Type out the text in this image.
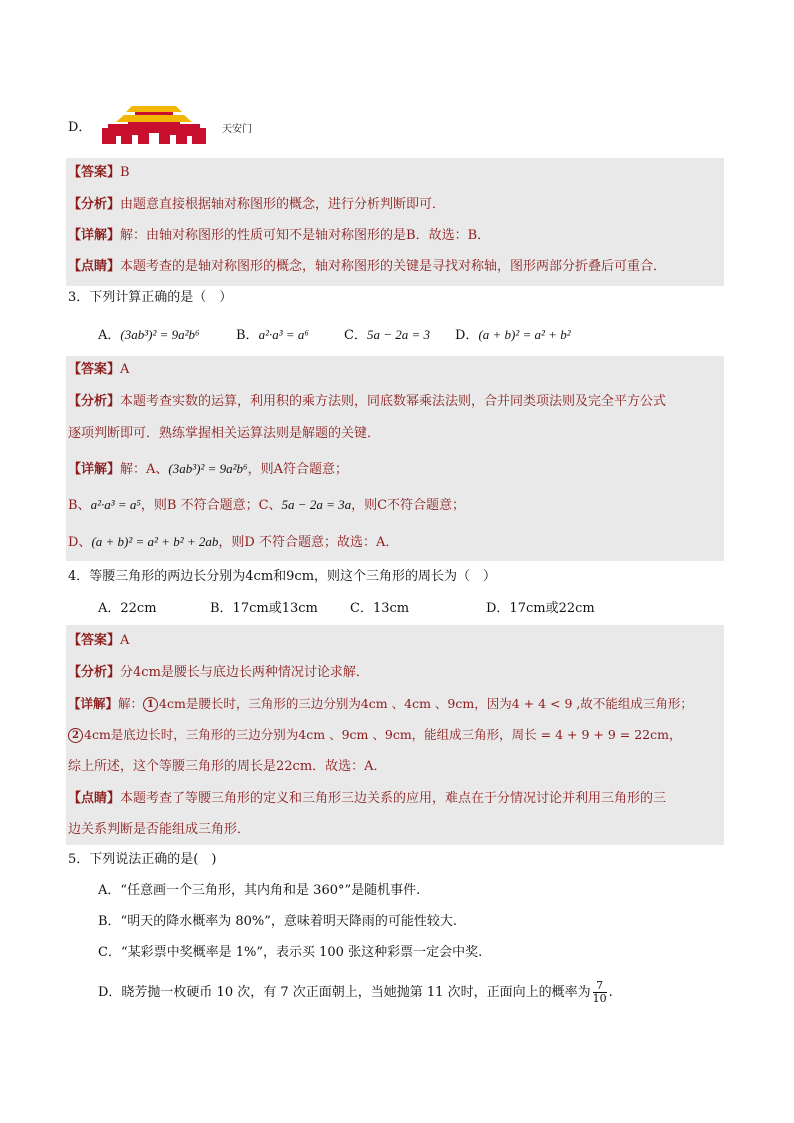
D．	天安门
【答案】B
【分析】由题意直接根据轴对称图形的概念，进行分析判断即可．
【详解】解：由轴对称图形的性质可知不是轴对称图形的是B．故选：B．
【点睛】本题考查的是轴对称图形的概念，轴对称图形的关键是寻找对称轴，图形两部分折叠后可重合．
3．下列计算正确的是（　）
A．(3ab³)² = 9a²b⁶	B．a²·a³ = a⁶	C．5a − 2a = 3 D．(a + b)² = a² + b²
【答案】A
【分析】本题考查实数的运算，利用积的乘方法则，同底数幂乘法法则，合并同类项法则及完全平方公式
逐项判断即可．熟练掌握相关运算法则是解题的关键．
【详解】解：A、(3ab³)² = 9a²b⁶，则A符合题意；
B、a²·a³ = a⁵，则B 不符合题意；C、5a − 2a = 3a，则C不符合题意；
D、(a + b)² = a² + b² + 2ab，则D 不符合题意；故选：A．
4．等腰三角形的两边长分别为4cm和9cm，则这个三角形的周长为（　）
A．22cm	B．17cm或13cm C．13cm	D．17cm或22cm
【答案】A
【分析】分4cm是腰长与底边长两种情况讨论求解．
【详解】解： 1 4cm是腰长时，三角形的三边分别为4cm 、4cm 、9cm，因为4 + 4 < 9 ,故不能组成三角形；
2 4cm是底边长时，三角形的三边分别为4cm 、9cm 、9cm，能组成三角形，周长 = 4 + 9 + 9 = 22cm，
综上所述，这个等腰三角形的周长是22cm．故选：A．
【点睛】本题考查了等腰三角形的定义和三角形三边关系的应用，难点在于分情况讨论并利用三角形的三
边关系判断是否能组成三角形．
5．下列说法正确的是(　)
A．“任意画一个三角形，其内角和是 360°”是随机事件.
B．“明天的降水概率为 80%”，意味着明天降雨的可能性较大.
C．“某彩票中奖概率是 1%”，表示买 100 张这种彩票一定会中奖.
D．晓芳抛一枚硬币 10 次，有 7 次正面朝上，当她抛第 11 次时，正面向上的概率为 $\frac{7}{10}$ .
